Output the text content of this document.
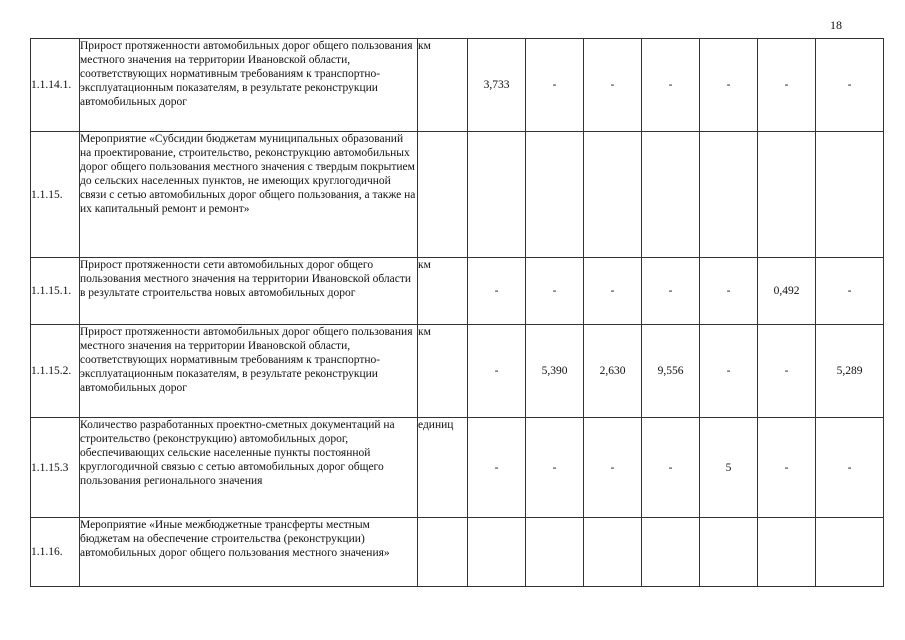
18
1.1.14.1.	Прирост протяженности автомобильных дорог общего пользования местного значения на территории Ивановской области, соответствующих нормативным требованиям к транспортно-эксплуатационным показателям, в результате реконструкции автомобильных дорог	км	3,733	-	-	-	-	-	-
1.1.15.	Мероприятие «Субсидии бюджетам муниципальных образований на проектирование, строительство, реконструкцию автомобильных дорог общего пользования местного значения с твердым покрытием до сельских населенных пунктов, не имеющих круглогодичной связи с сетью автомобильных дорог общего пользования, а также на их капитальный ремонт и ремонт»								
1.1.15.1.	Прирост протяженности сети автомобильных дорог общего пользования местного значения на территории Ивановской области в результате строительства новых автомобильных дорог	км	-	-	-	-	-	0,492	-
1.1.15.2.	Прирост протяженности автомобильных дорог общего пользования местного значения на территории Ивановской области, соответствующих нормативным требованиям к транспортно-эксплуатационным показателям, в результате реконструкции автомобильных дорог	км	-	5,390	2,630	9,556	-	-	5,289
1.1.15.3	Количество разработанных проектно-сметных документаций на строительство (реконструкцию) автомобильных дорог, обеспечивающих сельские населенные пункты постоянной круглогодичной связью с сетью автомобильных дорог общего пользования регионального значения	единиц	-	-	-	-	5	-	-
1.1.16.	Мероприятие «Иные межбюджетные трансферты местным бюджетам на обеспечение строительства (реконструкции) автомобильных дорог общего пользования местного значения»								
